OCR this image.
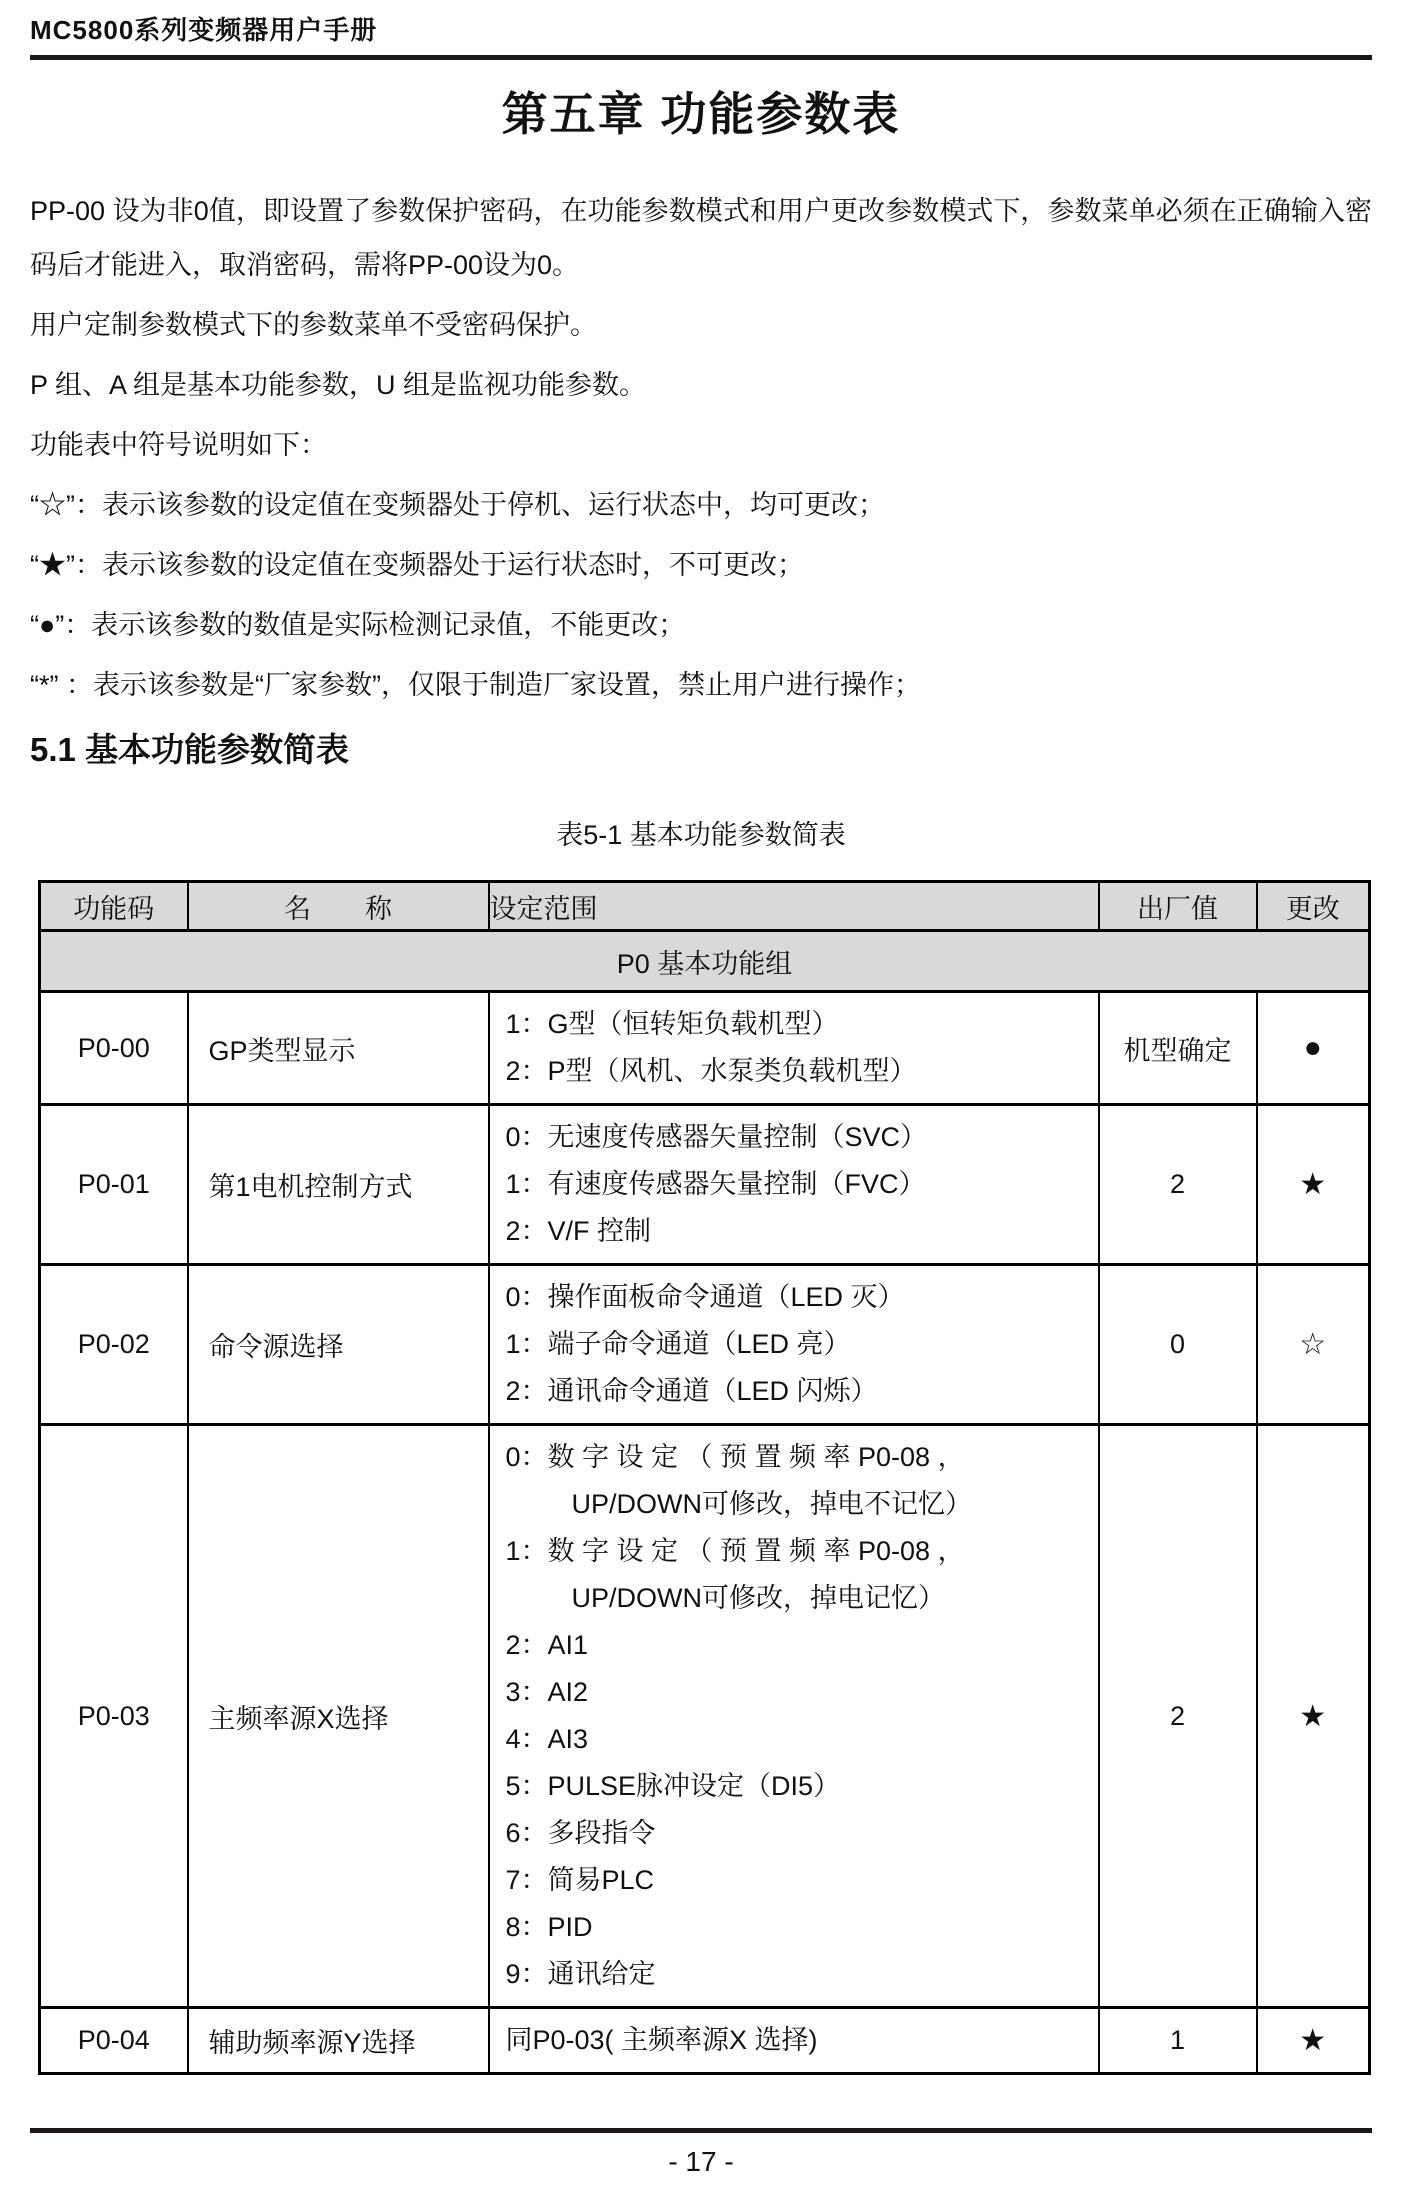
MC5800系列变频器用户手册
第五章 功能参数表

PP-00 设为非0值，即设置了参数保护密码，在功能参数模式和用户更改参数模式下，参数菜单必须在正确输入密码后才能进入，取消密码，需将PP-00设为0。

用户定制参数模式下的参数菜单不受密码保护。

P 组、A 组是基本功能参数，U 组是监视功能参数。

功能表中符号说明如下：

“☆”：表示该参数的设定值在变频器处于停机、运行状态中，均可更改；

“★”：表示该参数的设定值在变频器处于运行状态时，不可更改；

“●”：表示该参数的数值是实际检测记录值，不能更改；

“*” ：表示该参数是“厂家参数”，仅限于制造厂家设置，禁止用户进行操作；

5.1 基本功能参数简表
表5-1 基本功能参数简表
功能码	名　　称	设定范围	出厂值	更改
P0 基本功能组				
P0-00	GP类型显示	1：G型（恒转矩负载机型）
2：P型（风机、水泵类负载机型）	机型确定	●
P0-01	第1电机控制方式	0：无速度传感器矢量控制（SVC）
1：有速度传感器矢量控制（FVC）
2：V/F 控制	2	★
P0-02	命令源选择	0：操作面板命令通道（LED 灭）
1：端子命令通道（LED 亮）
2：通讯命令通道（LED 闪烁）	0	☆
P0-03	主频率源X选择	
0：数 字 设 定 （ 预 置 频 率 P0-08 ，
UP/DOWN可修改，掉电不记忆）
1：数 字 设 定 （ 预 置 频 率 P0-08 ，
UP/DOWN可修改，掉电记忆）
2：AI1
3：AI2
4：AI3
5：PULSE脉冲设定（DI5）
6：多段指令
7：简易PLC
8：PID
9：通讯给定
	2	★
P0-04	辅助频率源Y选择	同P0-03( 主频率源X 选择)	1	★
- 17 -
